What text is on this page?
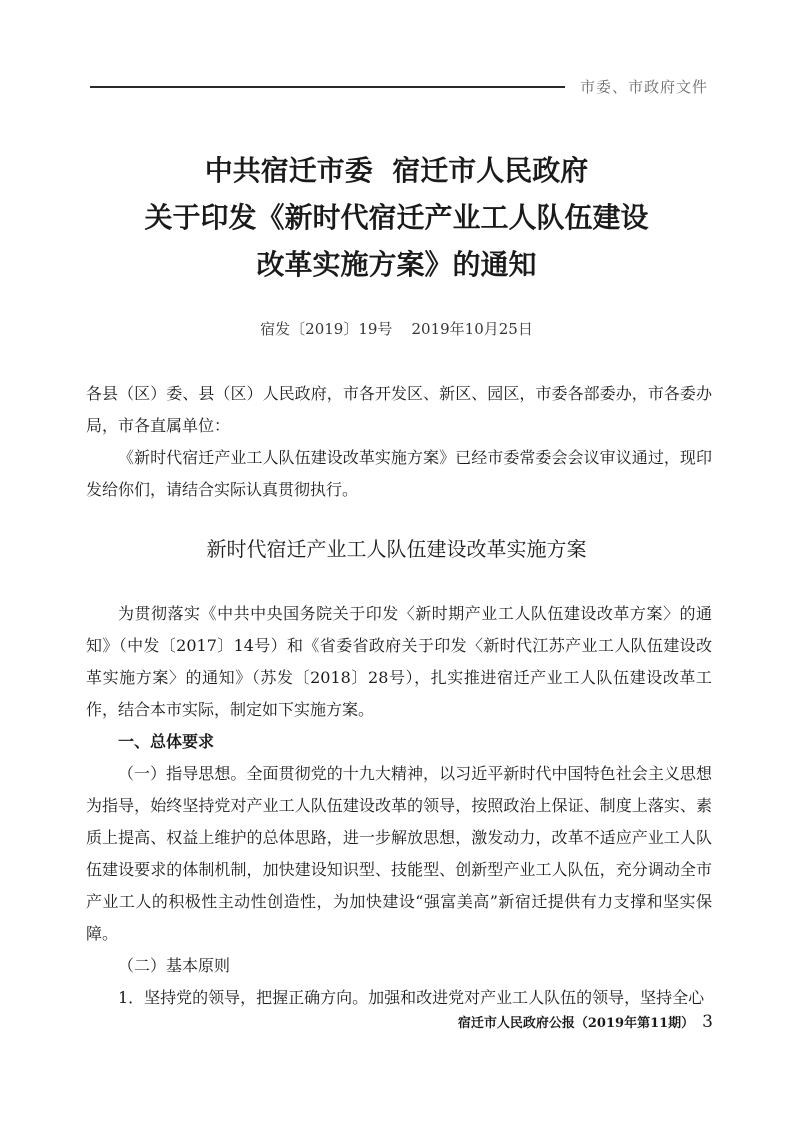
市委、市政府文件
中共宿迁市委  宿迁市人民政府
关于印发《新时代宿迁产业工人队伍建设
改革实施方案》的通知
宿发〔2019〕19号    2019年10月25日

各县（区）委、县（区）人民政府，市各开发区、新区、园区，市委各部委办，市各委办局，市各直属单位：

《新时代宿迁产业工人队伍建设改革实施方案》已经市委常委会会议审议通过，现印发给你们，请结合实际认真贯彻执行。

新时代宿迁产业工人队伍建设改革实施方案

为贯彻落实《中共中央国务院关于印发〈新时期产业工人队伍建设改革方案〉的通知》（中发〔2017〕14号）和《省委省政府关于印发〈新时代江苏产业工人队伍建设改革实施方案〉的通知》（苏发〔2018〕28号），扎实推进宿迁产业工人队伍建设改革工作，结合本市实际，制定如下实施方案。

一、总体要求

（一）指导思想。全面贯彻党的十九大精神，以习近平新时代中国特色社会主义思想为指导，始终坚持党对产业工人队伍建设改革的领导，按照政治上保证、制度上落实、素质上提高、权益上维护的总体思路，进一步解放思想，激发动力，改革不适应产业工人队伍建设要求的体制机制，加快建设知识型、技能型、创新型产业工人队伍，充分调动全市产业工人的积极性主动性创造性，为加快建设“强富美高”新宿迁提供有力支撑和坚实保障。

（二）基本原则

1．坚持党的领导，把握正确方向。加强和改进党对产业工人队伍的领导，坚持全心

宿迁市人民政府公报（2019年第11期） 3
